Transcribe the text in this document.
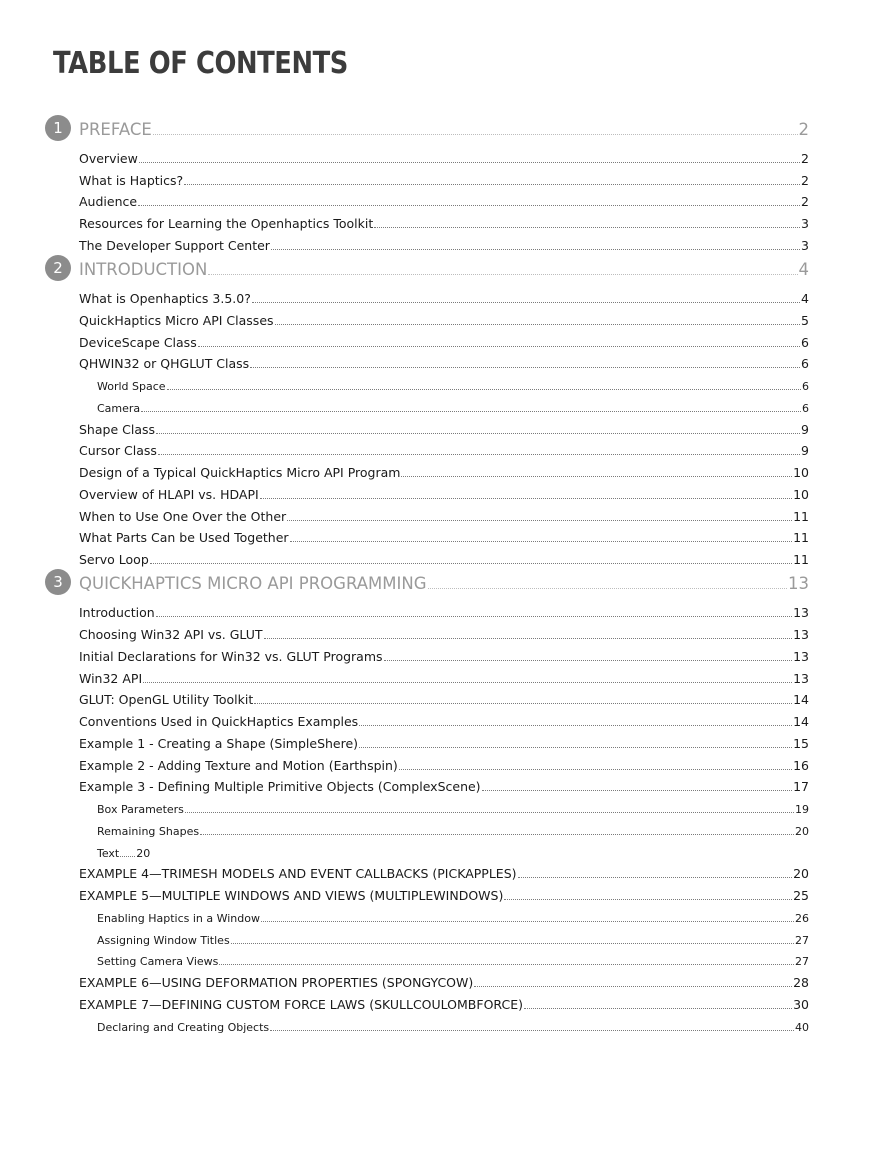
TABLE OF CONTENTS
1 PREFACE	2
Overview	2
What is Haptics?	2
Audience	2
Resources for Learning the Openhaptics Toolkit	3
The Developer Support Center	3
2 INTRODUCTION	4
What is Openhaptics 3.5.0?	4
QuickHaptics Micro API Classes	5
DeviceScape Class	6
QHWIN32 or QHGLUT Class	6
World Space	6
Camera	6
Shape Class	9
Cursor Class	9
Design of a Typical QuickHaptics Micro API Program	10
Overview of HLAPI vs. HDAPI	10
When to Use One Over the Other	11
What Parts Can be Used Together	11
Servo Loop	11
3 QUICKHAPTICS MICRO API PROGRAMMING	13
Introduction	13
Choosing Win32 API vs. GLUT	13
Initial Declarations for Win32 vs. GLUT Programs	13
Win32 API	13
GLUT: OpenGL Utility Toolkit	14
Conventions Used in QuickHaptics Examples	14
Example 1 - Creating a Shape (SimpleShere)	15
Example 2 - Adding Texture and Motion (Earthspin)	16
Example 3 - Defining Multiple Primitive Objects (ComplexScene)	17
Box Parameters	19
Remaining Shapes	20
Text 20
EXAMPLE 4—TRIMESH MODELS AND EVENT CALLBACKS (PICKAPPLES)	20
EXAMPLE 5—MULTIPLE WINDOWS AND VIEWS (MULTIPLEWINDOWS)	25
Enabling Haptics in a Window	26
Assigning Window Titles	27
Setting Camera Views	27
EXAMPLE 6—USING DEFORMATION PROPERTIES (SPONGYCOW)	28
EXAMPLE 7—DEFINING CUSTOM FORCE LAWS (SKULLCOULOMBFORCE)	30
Declaring and Creating Objects	40
